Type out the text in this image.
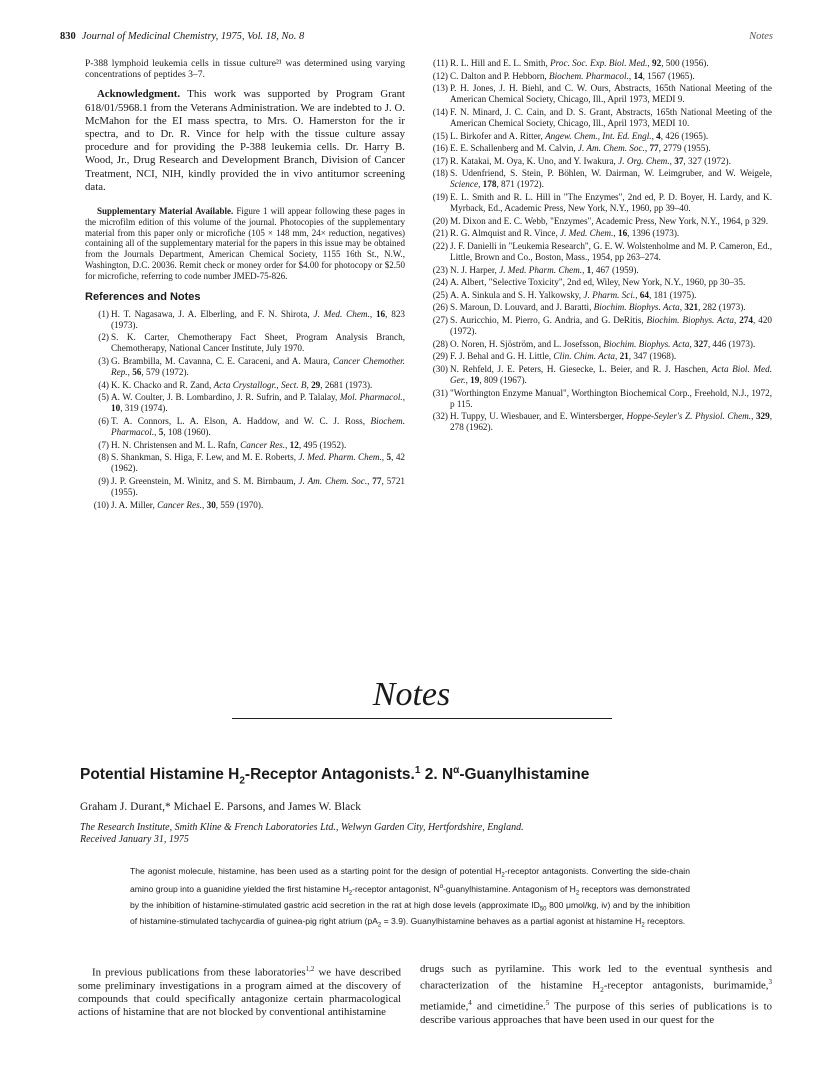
830 Journal of Medicinal Chemistry, 1975, Vol. 18, No. 8	Notes

P-388 lymphoid leukemia cells in tissue culture²¹ was determined using varying concentrations of peptides 3–7.

Acknowledgment. This work was supported by Program Grant 618/01/5968.1 from the Veterans Administration. We are indebted to J. O. McMahon for the EI mass spectra, to Mrs. O. Hamerston for the ir spectra, and to Dr. R. Vince for help with the tissue culture assay procedure and for providing the P-388 leukemia cells. Dr. Harry B. Wood, Jr., Drug Research and Development Branch, Division of Cancer Treatment, NCI, NIH, kindly provided the in vivo antitumor screening data.

Supplementary Material Available. Figure 1 will appear following these pages in the microfilm edition of this volume of the journal. Photocopies of the supplementary material from this paper only or microfiche (105 × 148 mm, 24× reduction, negatives) containing all of the supplementary material for the papers in this issue may be obtained from the Journals Department, American Chemical Society, 1155 16th St., N.W., Washington, D.C. 20036. Remit check or money order for $4.00 for photocopy or $2.50 for microfiche, referring to code number JMED-75-826.

References and Notes
(1) H. T. Nagasawa, J. A. Elberling, and F. N. Shirota, J. Med. Chem., 16, 823 (1973).
(2) S. K. Carter, Chemotherapy Fact Sheet, Program Analysis Branch, Chemotherapy, National Cancer Institute, July 1970.
(3) G. Brambilla, M. Cavanna, C. E. Caraceni, and A. Maura, Cancer Chemother. Rep., 56, 579 (1972).
(4) K. K. Chacko and R. Zand, Acta Crystallogr., Sect. B, 29, 2681 (1973).
(5) A. W. Coulter, J. B. Lombardino, J. R. Sufrin, and P. Talalay, Mol. Pharmacol., 10, 319 (1974).
(6) T. A. Connors, L. A. Elson, A. Haddow, and W. C. J. Ross, Biochem. Pharmacol., 5, 108 (1960).
(7) H. N. Christensen and M. L. Rafn, Cancer Res., 12, 495 (1952).
(8) S. Shankman, S. Higa, F. Lew, and M. E. Roberts, J. Med. Pharm. Chem., 5, 42 (1962).
(9) J. P. Greenstein, M. Winitz, and S. M. Birnbaum, J. Am. Chem. Soc., 77, 5721 (1955).
(10) J. A. Miller, Cancer Res., 30, 559 (1970).
(11) R. L. Hill and E. L. Smith, Proc. Soc. Exp. Biol. Med., 92, 500 (1956).
(12) C. Dalton and P. Hebborn, Biochem. Pharmacol., 14, 1567 (1965).
(13) P. H. Jones, J. H. Biehl, and C. W. Ours, Abstracts, 165th National Meeting of the American Chemical Society, Chicago, Ill., April 1973, MEDI 9.
(14) F. N. Minard, J. C. Cain, and D. S. Grant, Abstracts, 165th National Meeting of the American Chemical Society, Chicago, Ill., April 1973, MEDI 10.
(15) L. Birkofer and A. Ritter, Angew. Chem., Int. Ed. Engl., 4, 426 (1965).
(16) E. E. Schallenberg and M. Calvin, J. Am. Chem. Soc., 77, 2779 (1955).
(17) R. Katakai, M. Oya, K. Uno, and Y. Iwakura, J. Org. Chem., 37, 327 (1972).
(18) S. Udenfriend, S. Stein, P. Böhlen, W. Dairman, W. Leimgruber, and W. Weigele, Science, 178, 871 (1972).
(19) E. L. Smith and R. L. Hill in "The Enzymes", 2nd ed, P. D. Boyer, H. Lardy, and K. Myrback, Ed., Academic Press, New York, N.Y., 1960, pp 39–40.
(20) M. Dixon and E. C. Webb, "Enzymes", Academic Press, New York, N.Y., 1964, p 329.
(21) R. G. Almquist and R. Vince, J. Med. Chem., 16, 1396 (1973).
(22) J. F. Danielli in "Leukemia Research", G. E. W. Wolstenholme and M. P. Cameron, Ed., Little, Brown and Co., Boston, Mass., 1954, pp 263–274.
(23) N. J. Harper, J. Med. Pharm. Chem., 1, 467 (1959).
(24) A. Albert, "Selective Toxicity", 2nd ed, Wiley, New York, N.Y., 1960, pp 30–35.
(25) A. A. Sinkula and S. H. Yalkowsky, J. Pharm. Sci., 64, 181 (1975).
(26) S. Maroun, D. Louvard, and J. Baratti, Biochim. Biophys. Acta, 321, 282 (1973).
(27) S. Auricchio, M. Pierro, G. Andria, and G. DeRitis, Biochim. Biophys. Acta, 274, 420 (1972).
(28) O. Noren, H. Sjöström, and L. Josefsson, Biochim. Biophys. Acta, 327, 446 (1973).
(29) F. J. Behal and G. H. Little, Clin. Chim. Acta, 21, 347 (1968).
(30) N. Rehfeld, J. E. Peters, H. Giesecke, L. Beier, and R. J. Haschen, Acta Biol. Med. Ger., 19, 809 (1967).
(31) "Worthington Enzyme Manual", Worthington Biochemical Corp., Freehold, N.J., 1972, p 115.
(32) H. Tuppy, U. Wiesbauer, and E. Wintersberger, Hoppe-Seyler's Z. Physiol. Chem., 329, 278 (1962).
Notes
Potential Histamine $H_2$-Receptor Antagonists.$^1$ 2. $N^\alpha$-Guanylhistamine
Graham J. Durant,* Michael E. Parsons, and James W. Black
The Research Institute, Smith Kline & French Laboratories Ltd., Welwyn Garden City, Hertfordshire, England.
Received January 31, 1975

The agonist molecule, histamine, has been used as a starting point for the design of potential $H_2$-receptor antagonists. Converting the side-chain amino group into a guanidine yielded the first histamine $H_2$-receptor antagonist, $N^\alpha$-guanylhistamine. Antagonism of $H_2$ receptors was demonstrated by the inhibition of histamine-stimulated gastric acid secretion in the rat at high dose levels (approximate $ID_{50}$ 800 μmol/kg, iv) and by the inhibition of histamine-stimulated tachycardia of guinea-pig right atrium $(pA_2 = 3.9)$. Guanylhistamine behaves as a partial agonist at histamine $H_2$ receptors.

In previous publications from these laboratories$^{1,2}$ we have described some preliminary investigations in a program aimed at the discovery of compounds that could specifically antagonize certain pharmacological actions of histamine that are not blocked by conventional antihistamine

drugs such as pyrilamine. This work led to the eventual synthesis and characterization of the histamine $H_2$-receptor antagonists, burimamide,$^3$ metiamide,$^4$ and cimetidine.$^5$ The purpose of this series of publications is to describe various approaches that have been used in our quest for the
